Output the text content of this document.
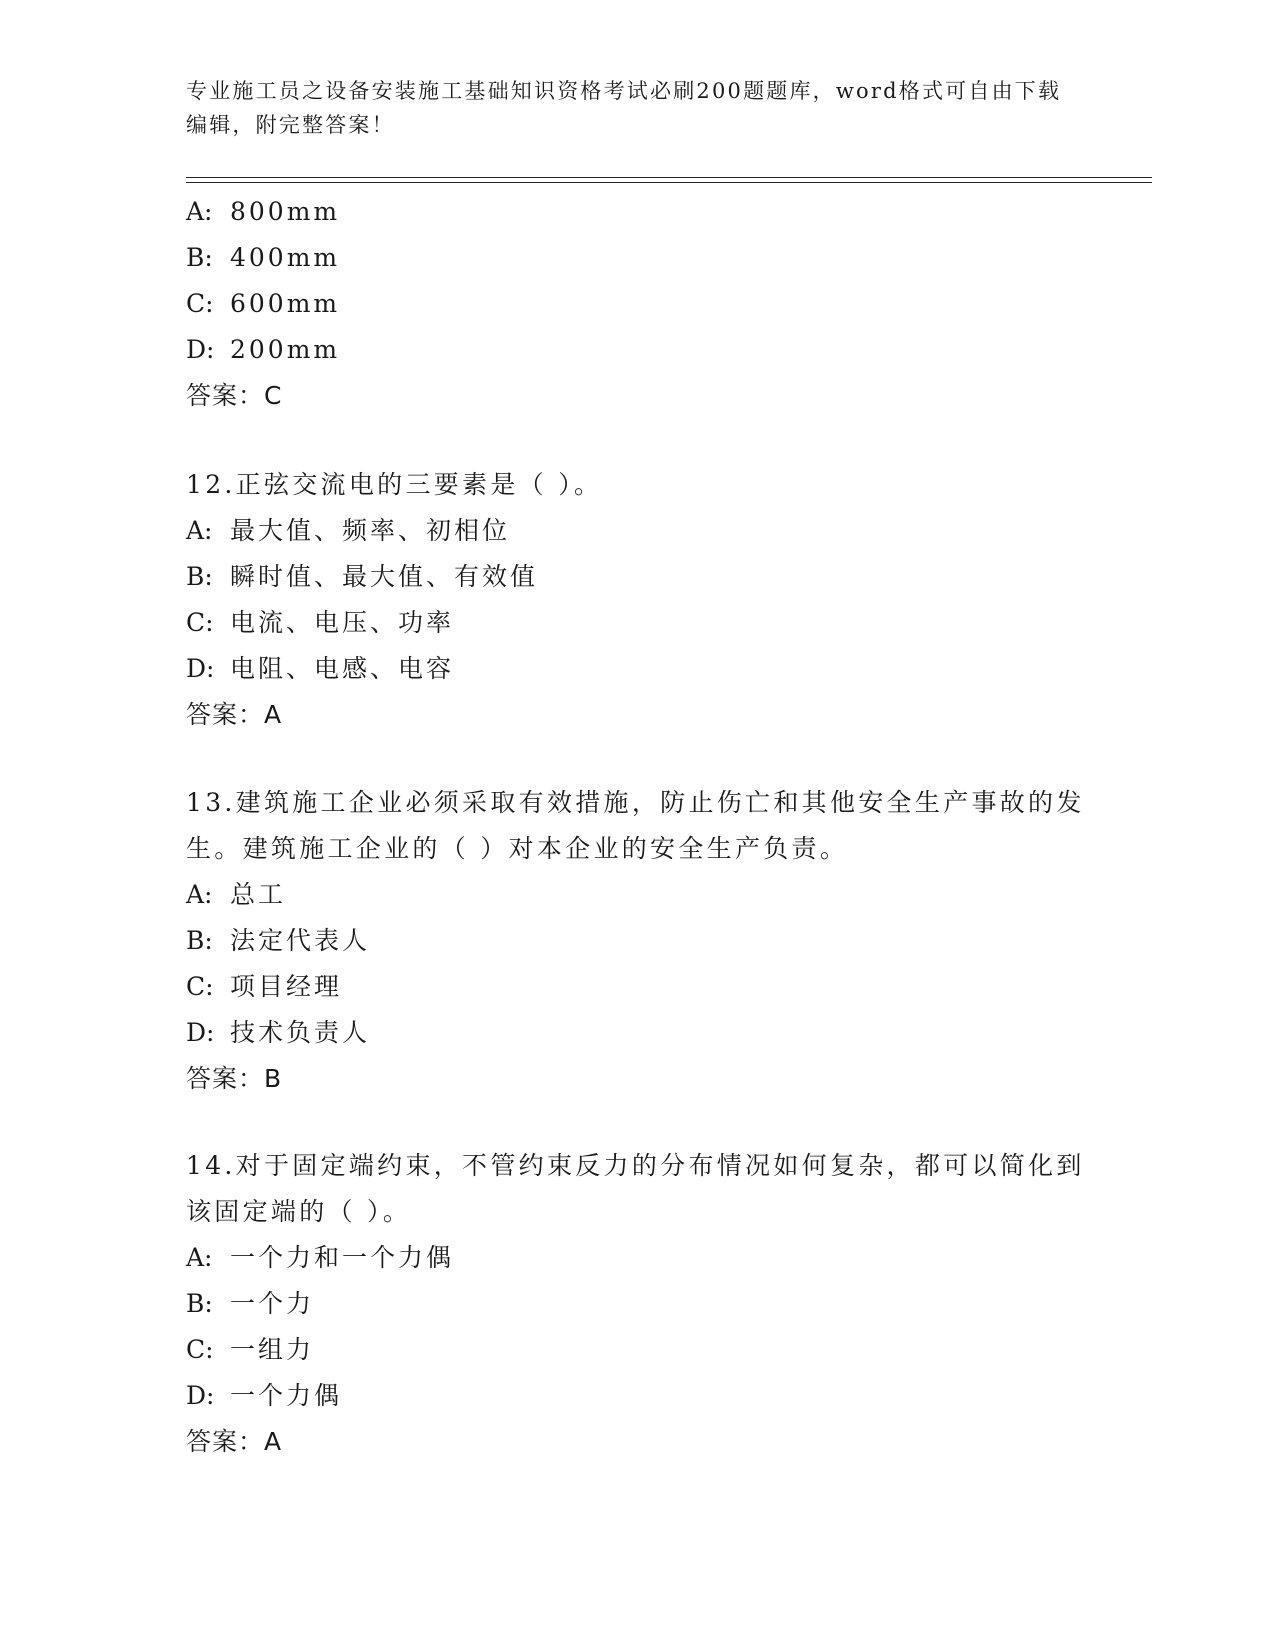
专业施工员之设备安装施工基础知识资格考试必刷200题题库，word格式可自由下载编辑，附完整答案！
A: 800mm
B: 400mm
C: 600mm
D: 200mm
答案：C
12.正弦交流电的三要素是（ ）。
A: 最大值、频率、初相位
B: 瞬时值、最大值、有效值
C: 电流、电压、功率
D: 电阻、电感、电容
答案：A
13.建筑施工企业必须采取有效措施，防止伤亡和其他安全生产事故的发生。建筑施工企业的（ ）对本企业的安全生产负责。
A: 总工
B: 法定代表人
C: 项目经理
D: 技术负责人
答案：B
14.对于固定端约束，不管约束反力的分布情况如何复杂，都可以简化到该固定端的（ ）。
A: 一个力和一个力偶
B: 一个力
C: 一组力
D: 一个力偶
答案：A
